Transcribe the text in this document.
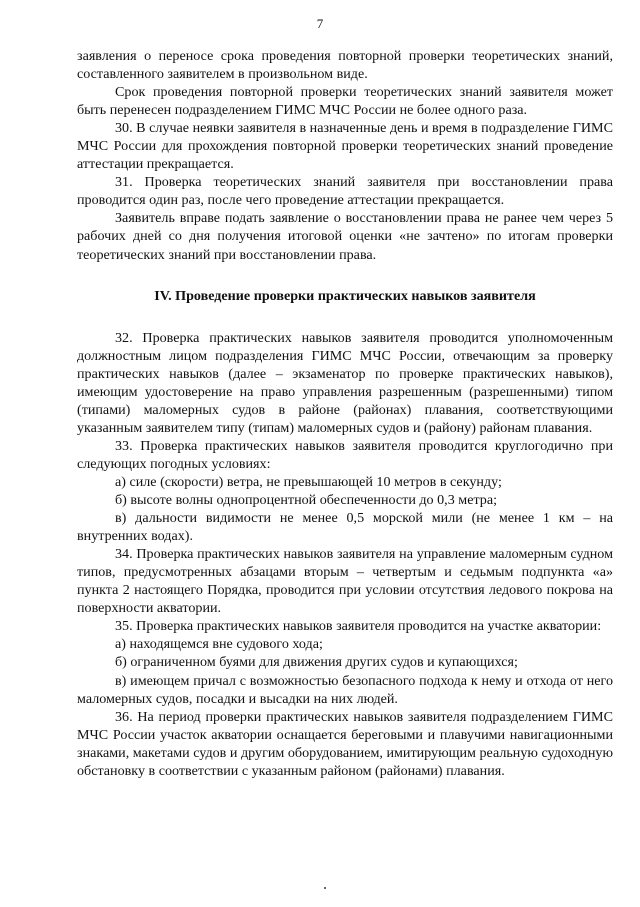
7

заявления о переносе срока проведения повторной проверки теоретических знаний, составленного заявителем в произвольном виде.

Срок проведения повторной проверки теоретических знаний заявителя может быть перенесен подразделением ГИМС МЧС России не более одного раза.

30. В случае неявки заявителя в назначенные день и время в подразделение ГИМС МЧС России для прохождения повторной проверки теоретических знаний проведение аттестации прекращается.

31. Проверка теоретических знаний заявителя при восстановлении права проводится один раз, после чего проведение аттестации прекращается.

Заявитель вправе подать заявление о восстановлении права не ранее чем через 5 рабочих дней со дня получения итоговой оценки «не зачтено» по итогам проверки теоретических знаний при восстановлении права.

IV. Проведение проверки практических навыков заявителя

32. Проверка практических навыков заявителя проводится уполномоченным должностным лицом подразделения ГИМС МЧС России, отвечающим за проверку практических навыков (далее – экзаменатор по проверке практических навыков), имеющим удостоверение на право управления разрешенным (разрешенными) типом (типами) маломерных судов в районе (районах) плавания, соответствующими указанным заявителем типу (типам) маломерных судов и (району) районам плавания.

33. Проверка практических навыков заявителя проводится круглогодично при следующих погодных условиях:

а) силе (скорости) ветра, не превышающей 10 метров в секунду;

б) высоте волны однопроцентной обеспеченности до 0,3 метра;

в) дальности видимости не менее 0,5 морской мили (не менее 1 км – на внутренних водах).

34. Проверка практических навыков заявителя на управление маломерным судном типов, предусмотренных абзацами вторым – четвертым и седьмым подпункта «а» пункта 2 настоящего Порядка, проводится при условии отсутствия ледового покрова на поверхности акватории.

35. Проверка практических навыков заявителя проводится на участке акватории:

а) находящемся вне судового хода;

б) ограниченном буями для движения других судов и купающихся;

в) имеющем причал с возможностью безопасного подхода к нему и отхода от него маломерных судов, посадки и высадки на них людей.

36. На период проверки практических навыков заявителя подразделением ГИМС МЧС России участок акватории оснащается береговыми и плавучими навигационными знаками, макетами судов и другим оборудованием, имитирующим реальную судоходную обстановку в соответствии с указанным районом (районами) плавания.
